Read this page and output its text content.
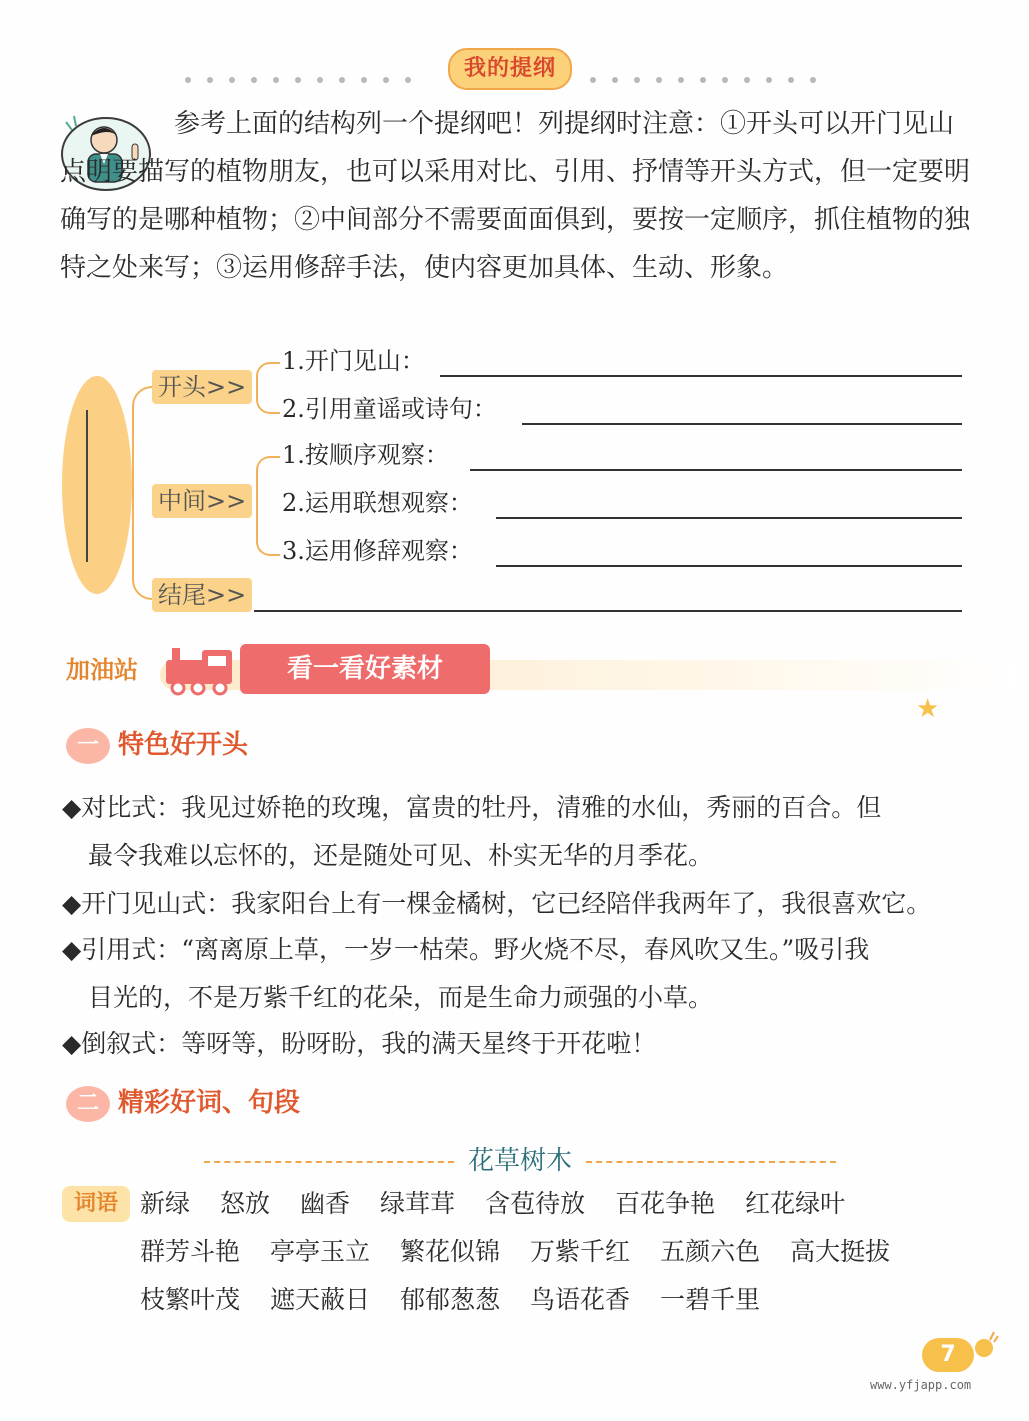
我的提纲
参考上面的结构列一个提纲吧！列提纲时注意：①开头可以开门见山点明要描写的植物朋友，也可以采用对比、引用、抒情等开头方式，但一定要明确写的是哪种植物；②中间部分不需要面面俱到，要按一定顺序，抓住植物的独特之处来写；③运用修辞手法，使内容更加具体、生动、形象。
开头>>
1.开门见山：
2.引用童谣或诗句：
中间>>
1.按顺序观察：
2.运用联想观察：
3.运用修辞观察：
结尾>>
加油站	看一看好素材
★
一 特色好开头
◆对比式：我见过娇艳的玫瑰，富贵的牡丹，清雅的水仙，秀丽的百合。但
最令我难以忘怀的，还是随处可见、朴实无华的月季花。
◆开门见山式：我家阳台上有一棵金橘树，它已经陪伴我两年了，我很喜欢它。
◆引用式：“离离原上草，一岁一枯荣。野火烧不尽，春风吹又生。”吸引我
目光的，不是万紫千红的花朵，而是生命力顽强的小草。
◆倒叙式：等呀等，盼呀盼，我的满天星终于开花啦！
二 精彩好词、句段
花草树木
词语 新绿 怒放 幽香 绿茸茸 含苞待放 百花争艳 红花绿叶
群芳斗艳 亭亭玉立 繁花似锦 万紫千红 五颜六色 高大挺拔
枝繁叶茂 遮天蔽日 郁郁葱葱 鸟语花香 一碧千里
7
www.yfjapp.com
